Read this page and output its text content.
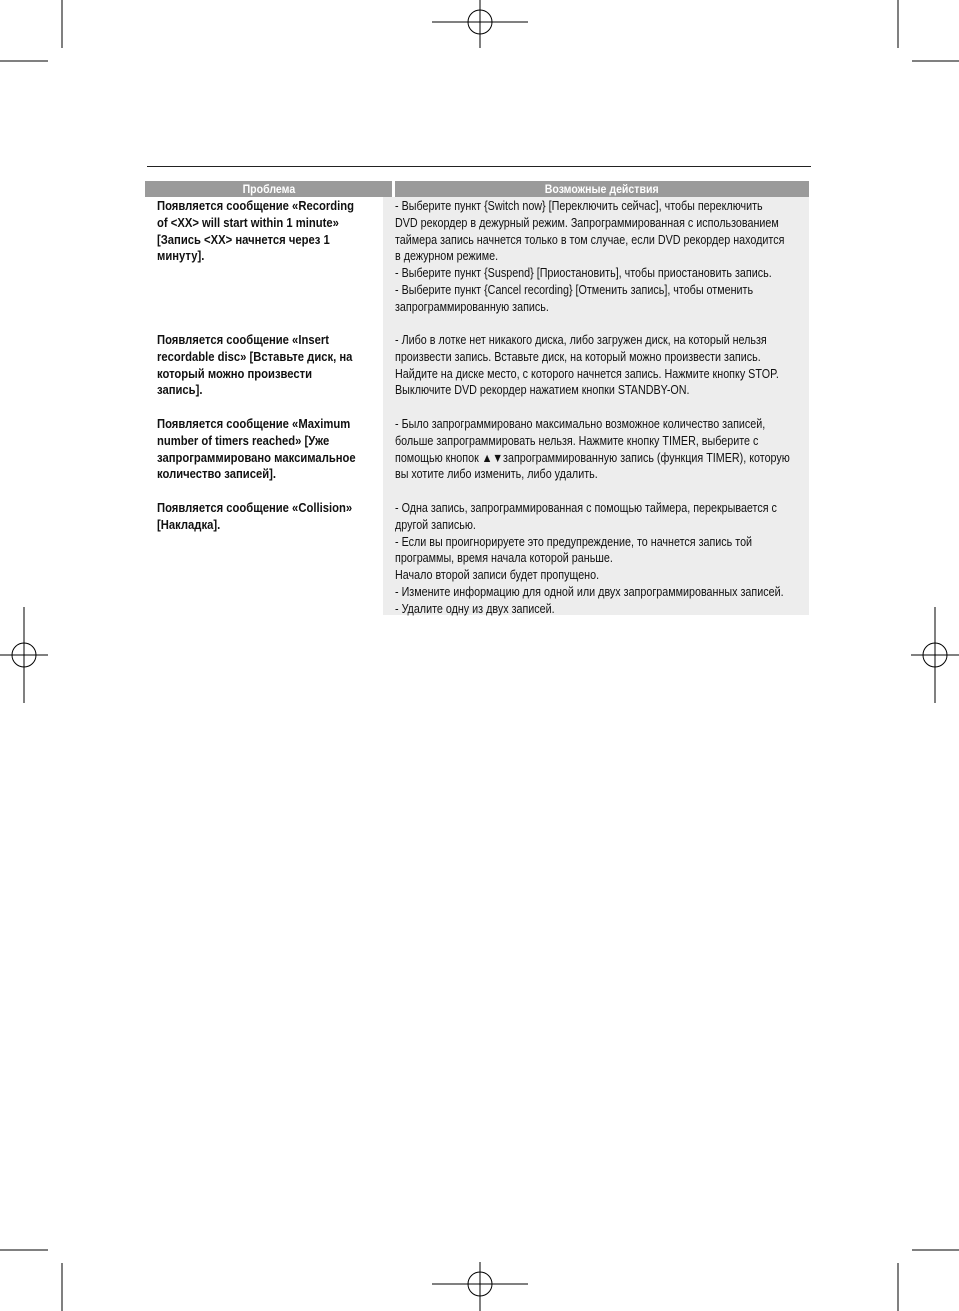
Проблема	Возможные действия
Появляется сообщение «Recording
of <XX> will start within 1 minute»
[Запись <XX> начнется через 1
минуту].
- Выберите пункт {Switch now} [Переключить сейчас], чтобы переключить
DVD рекордер в дежурный режим. Запрограммированная с использованием
таймера запись начнется только в том случае, если DVD рекордер находится
в дежурном режиме.
- Выберите пункт {Suspend} [Приостановить], чтобы приостановить запись.
- Выберите пункт {Cancel recording} [Отменить запись], чтобы отменить
запрограммированную запись.
Появляется сообщение «Insert
recordable disc» [Вставьте диск, на
который можно произвести
запись].
- Либо в лотке нет никакого диска, либо загружен диск, на который нельзя
произвести запись. Вставьте диск, на который можно произвести запись.
Найдите на диске место, с которого начнется запись. Нажмите кнопку STOP.
Выключите DVD рекордер нажатием кнопки STANDBY-ON.
Появляется сообщение «Maximum
number of timers reached» [Уже
запрограммировано максимальное
количество записей].
- Было запрограммировано максимально возможное количество записей,
больше запрограммировать нельзя. Нажмите кнопку TIMER, выберите с
помощью кнопок ▲▼запрограммированную запись (функция TIMER), которую
вы хотите либо изменить, либо удалить.
Появляется сообщение «Collision»
[Накладка].
- Одна запись, запрограммированная с помощью таймера, перекрывается с
другой записью.
- Если вы проигнорируете это предупреждение, то начнется запись той
программы, время начала которой раньше.
Начало второй записи будет пропущено.
- Измените информацию для одной или двух запрограммированных записей.
- Удалите одну из двух записей.
